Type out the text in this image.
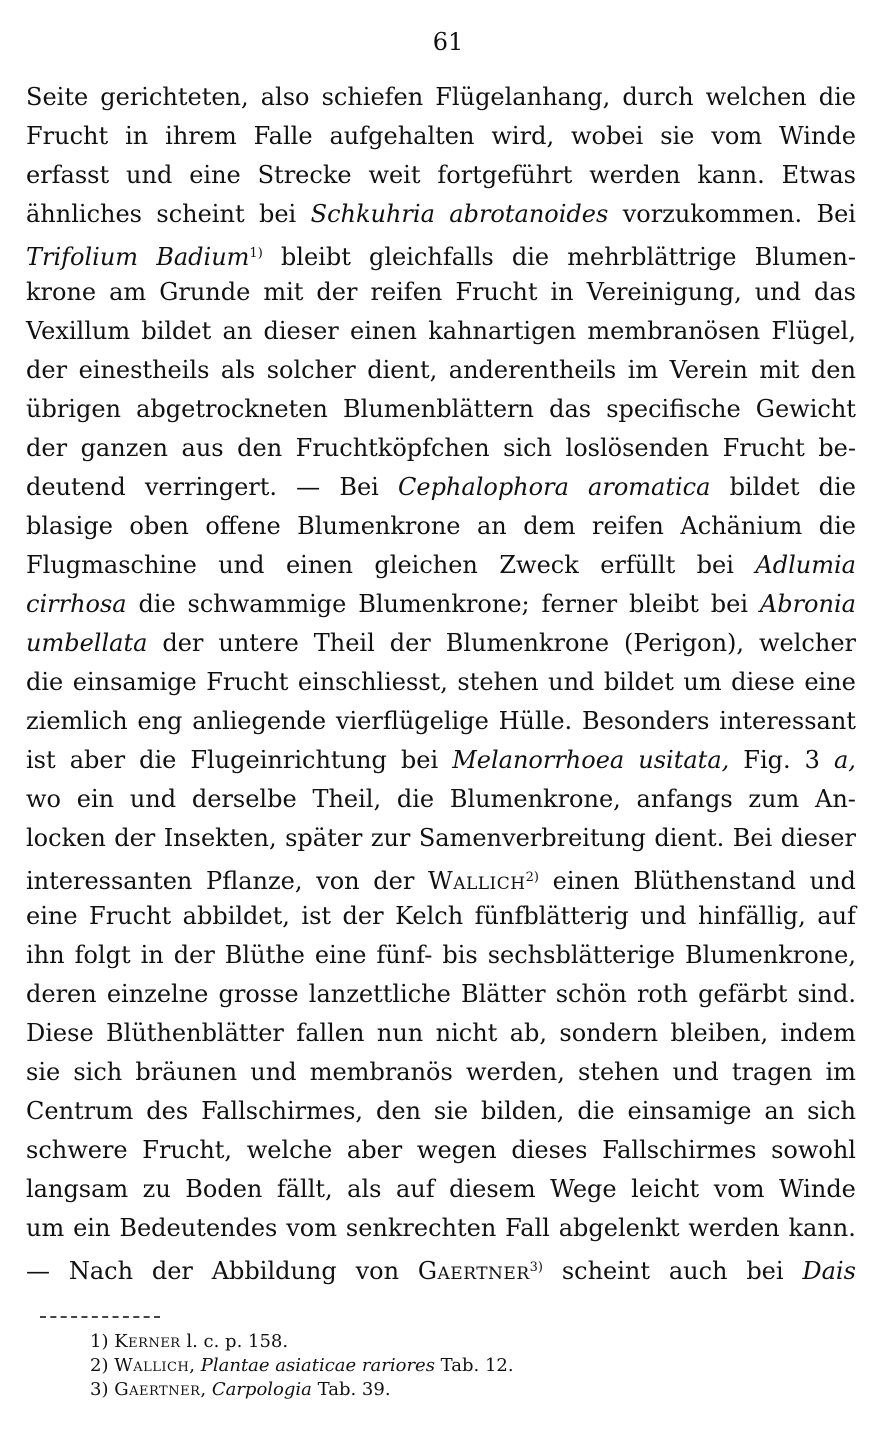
61
Seite gerichteten, also schiefen Flügelanhang, durch welchen die
Frucht in ihrem Falle aufgehalten wird, wobei sie vom Winde
erfasst und eine Strecke weit fortgeführt werden kann. Etwas
ähnliches scheint bei Schkuhria abrotanoides vorzukommen. Bei
Trifolium Badium$^{1)}$ bleibt gleichfalls die mehrblättrige Blumen-
krone am Grunde mit der reifen Frucht in Vereinigung, und das
Vexillum bildet an dieser einen kahnartigen membranösen Flügel,
der einestheils als solcher dient, anderentheils im Verein mit den
übrigen abgetrockneten Blumenblättern das specifische Gewicht
der ganzen aus den Fruchtköpfchen sich loslösenden Frucht be-
deutend verringert. — Bei Cephalophora aromatica bildet die
blasige oben offene Blumenkrone an dem reifen Achänium die
Flugmaschine und einen gleichen Zweck erfüllt bei Adlumia
cirrhosa die schwammige Blumenkrone; ferner bleibt bei Abronia
umbellata der untere Theil der Blumenkrone (Perigon), welcher
die einsamige Frucht einschliesst, stehen und bildet um diese eine
ziemlich eng anliegende vierflügelige Hülle. Besonders interessant
ist aber die Flugeinrichtung bei Melanorrhoea usitata, Fig. 3 a,
wo ein und derselbe Theil, die Blumenkrone, anfangs zum An-
locken der Insekten, später zur Samenverbreitung dient. Bei dieser
interessanten Pflanze, von der Wallich$^{2)}$ einen Blüthenstand und
eine Frucht abbildet, ist der Kelch fünfblätterig und hinfällig, auf
ihn folgt in der Blüthe eine fünf- bis sechsblätterige Blumenkrone,
deren einzelne grosse lanzettliche Blätter schön roth gefärbt sind.
Diese Blüthenblätter fallen nun nicht ab, sondern bleiben, indem
sie sich bräunen und membranös werden, stehen und tragen im
Centrum des Fallschirmes, den sie bilden, die einsamige an sich
schwere Frucht, welche aber wegen dieses Fallschirmes sowohl
langsam zu Boden fällt, als auf diesem Wege leicht vom Winde
um ein Bedeutendes vom senkrechten Fall abgelenkt werden kann.
— Nach der Abbildung von Gaertner$^{3)}$ scheint auch bei Dais
1) Kerner l. c. p. 158.
2) Wallich, Plantae asiaticae rariores Tab. 12.
3) Gaertner, Carpologia Tab. 39.
